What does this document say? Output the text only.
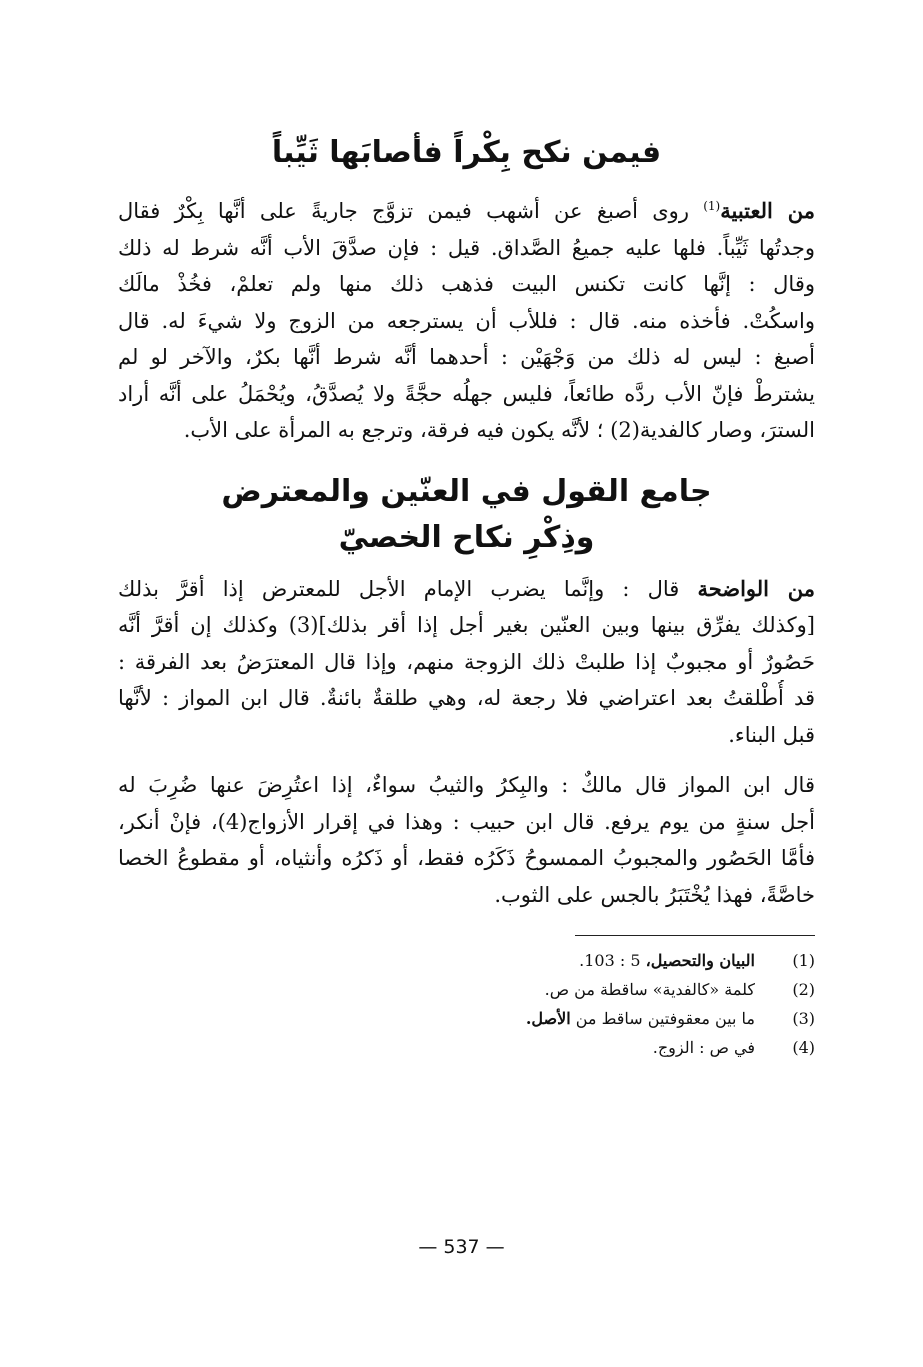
فيمن نكح بِكْراً فأصابَها ثَيِّباً
من العتبية$^{(1)}$ روى أصبغ عن أشهب فيمن تزوَّج جاريةً على أنَّها بِكْرٌ فقال
وجدتُها ثَيِّباً. فلها عليه جميعُ الصَّداق. قيل : فإن صدَّقَ الأب أنَّه شرط له ذلك
وقال : إنَّها كانت تكنس البيت فذهب ذلك منها ولم تعلمْ، فخُذْ مالَك
واسكُتْ. فأخذه منه. قال : فللأب أن يسترجعه من الزوج ولا شيءَ له. قال
أصبغ : ليس له ذلك من وَجْهَيْن : أحدهما أنَّه شرط أنَّها بكرٌ، والآخر لو لم
يشترطْ فإنّ الأب ردَّه طائعاً، فليس جهلُه حجَّةً ولا يُصدَّقُ، ويُحْمَلُ على أنَّه أراد
السترَ، وصار كالفدية(2) ؛ لأنَّه يكون فيه فرقة، وترجع به المرأة على الأب.
جامع القول في العنّين والمعترض
وذِكْرِ نكاح الخصيّ
من الواضحة قال : وإنَّما يضرب الإمام الأجل للمعترض إذا أقرَّ بذلك
[وكذلك يفرِّق بينها وبين العنّين بغير أجل إذا أقر بذلك](3) وكذلك إن أقرَّ أنَّه
حَصُورٌ أو مجبوبٌ إذا طلبتْ ذلك الزوجة منهم، وإذا قال المعترَضُ بعد الفرقة :
قد أُطْلقتُ بعد اعتراضي فلا رجعة له، وهي طلقةٌ بائنةٌ. قال ابن المواز : لأنَّها
قبل البناء.
قال ابن المواز قال مالكٌ : والبِكرُ والثيبُ سواءٌ، إذا اعتُرِضَ عنها ضُرِبَ له
أجل سنةٍ من يوم يرفع. قال ابن حبيب : وهذا في إقرار الأزواج(4)، فإنْ أنكر،
فأمَّا الحَصُور والمجبوبُ الممسوحُ ذَكَرُه فقط، أو ذَكرُه وأنثياه، أو مقطوعُ الخصا
خاصَّةً، فهذا يُخْتَبَرُ بالجس على الثوب.
(1)
البيان والتحصيل، 5 : 103.
(2)
كلمة «كالفدية» ساقطة من ص.
(3)
ما بين معقوفتين ساقط من الأصل.
(4)
في ص : الزوج.
— 537 —
